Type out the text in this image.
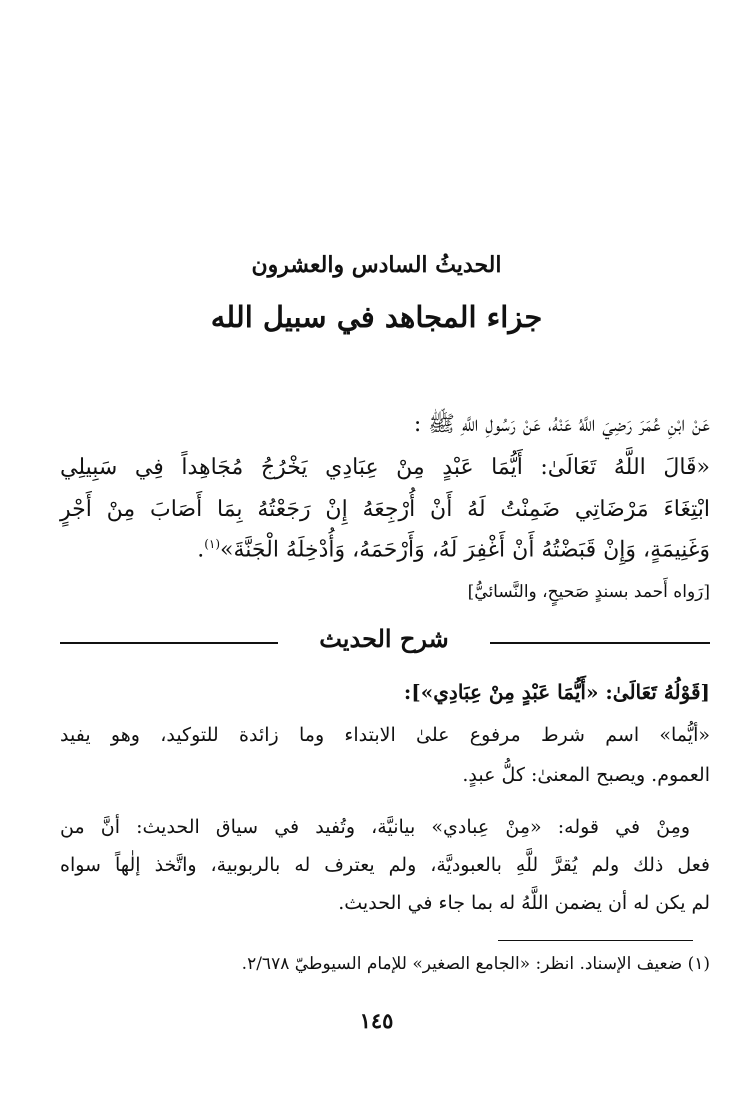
الحديثُ السادس والعشرون
جزاء المجاهد في سبيل الله
عَنْ ابْنِ عُمَرَ رَضِيَ اللَّهُ عَنْهُ، عَنْ رَسُولِ اللَّهِ ﷺ :
«قَالَ اللَّهُ تَعَالَىٰ: أَيُّمَا عَبْدٍ مِنْ عِبَادِي يَخْرُجُ مُجَاهِداً فِي سَبِيلِي
ابْتِغَاءَ مَرْضَاتِي ضَمِنْتُ لَهُ أَنْ أُرْجِعَهُ إِنْ رَجَعْتُهُ بِمَا أَصَابَ مِنْ أَجْرٍ
وَغَنِيمَةٍ، وَإِنْ قَبَضْتُهُ أَنْ أَغْفِرَ لَهُ، وَأَرْحَمَهُ، وَأُدْخِلَهُ الْجَنَّةَ»$^{(١)}$.
[رَواه أَحمد بسندٍ صَحيحٍ، والنَّسائيُّ]
شرح الحديث
[قَوْلُهُ تَعَالَىٰ: «أَيُّمَا عَبْدٍ مِنْ عِبَادِي»]:
«أيُّما» اسم شرط مرفوع علىٰ الابتداء وما زائدة للتوكيد، وهو يفيد
العموم. ويصبح المعنىٰ: كلُّ عبدٍ.
ومِنْ في قوله: «مِنْ عِبادي» بيانيَّة، وتُفيد في سياق الحديث: أنَّ من
فعل ذلك ولم يُقرَّ للَّهِ بالعبوديَّة، ولم يعترف له بالربوبية، واتَّخذ إلٰهاً سواه
لم يكن له أن يضمن اللَّهُ له بما جاء في الحديث.
(١) ضعيف الإسناد. انظر: «الجامع الصغير» للإمام السيوطيّ ٢/٦٧٨.
١٤٥
